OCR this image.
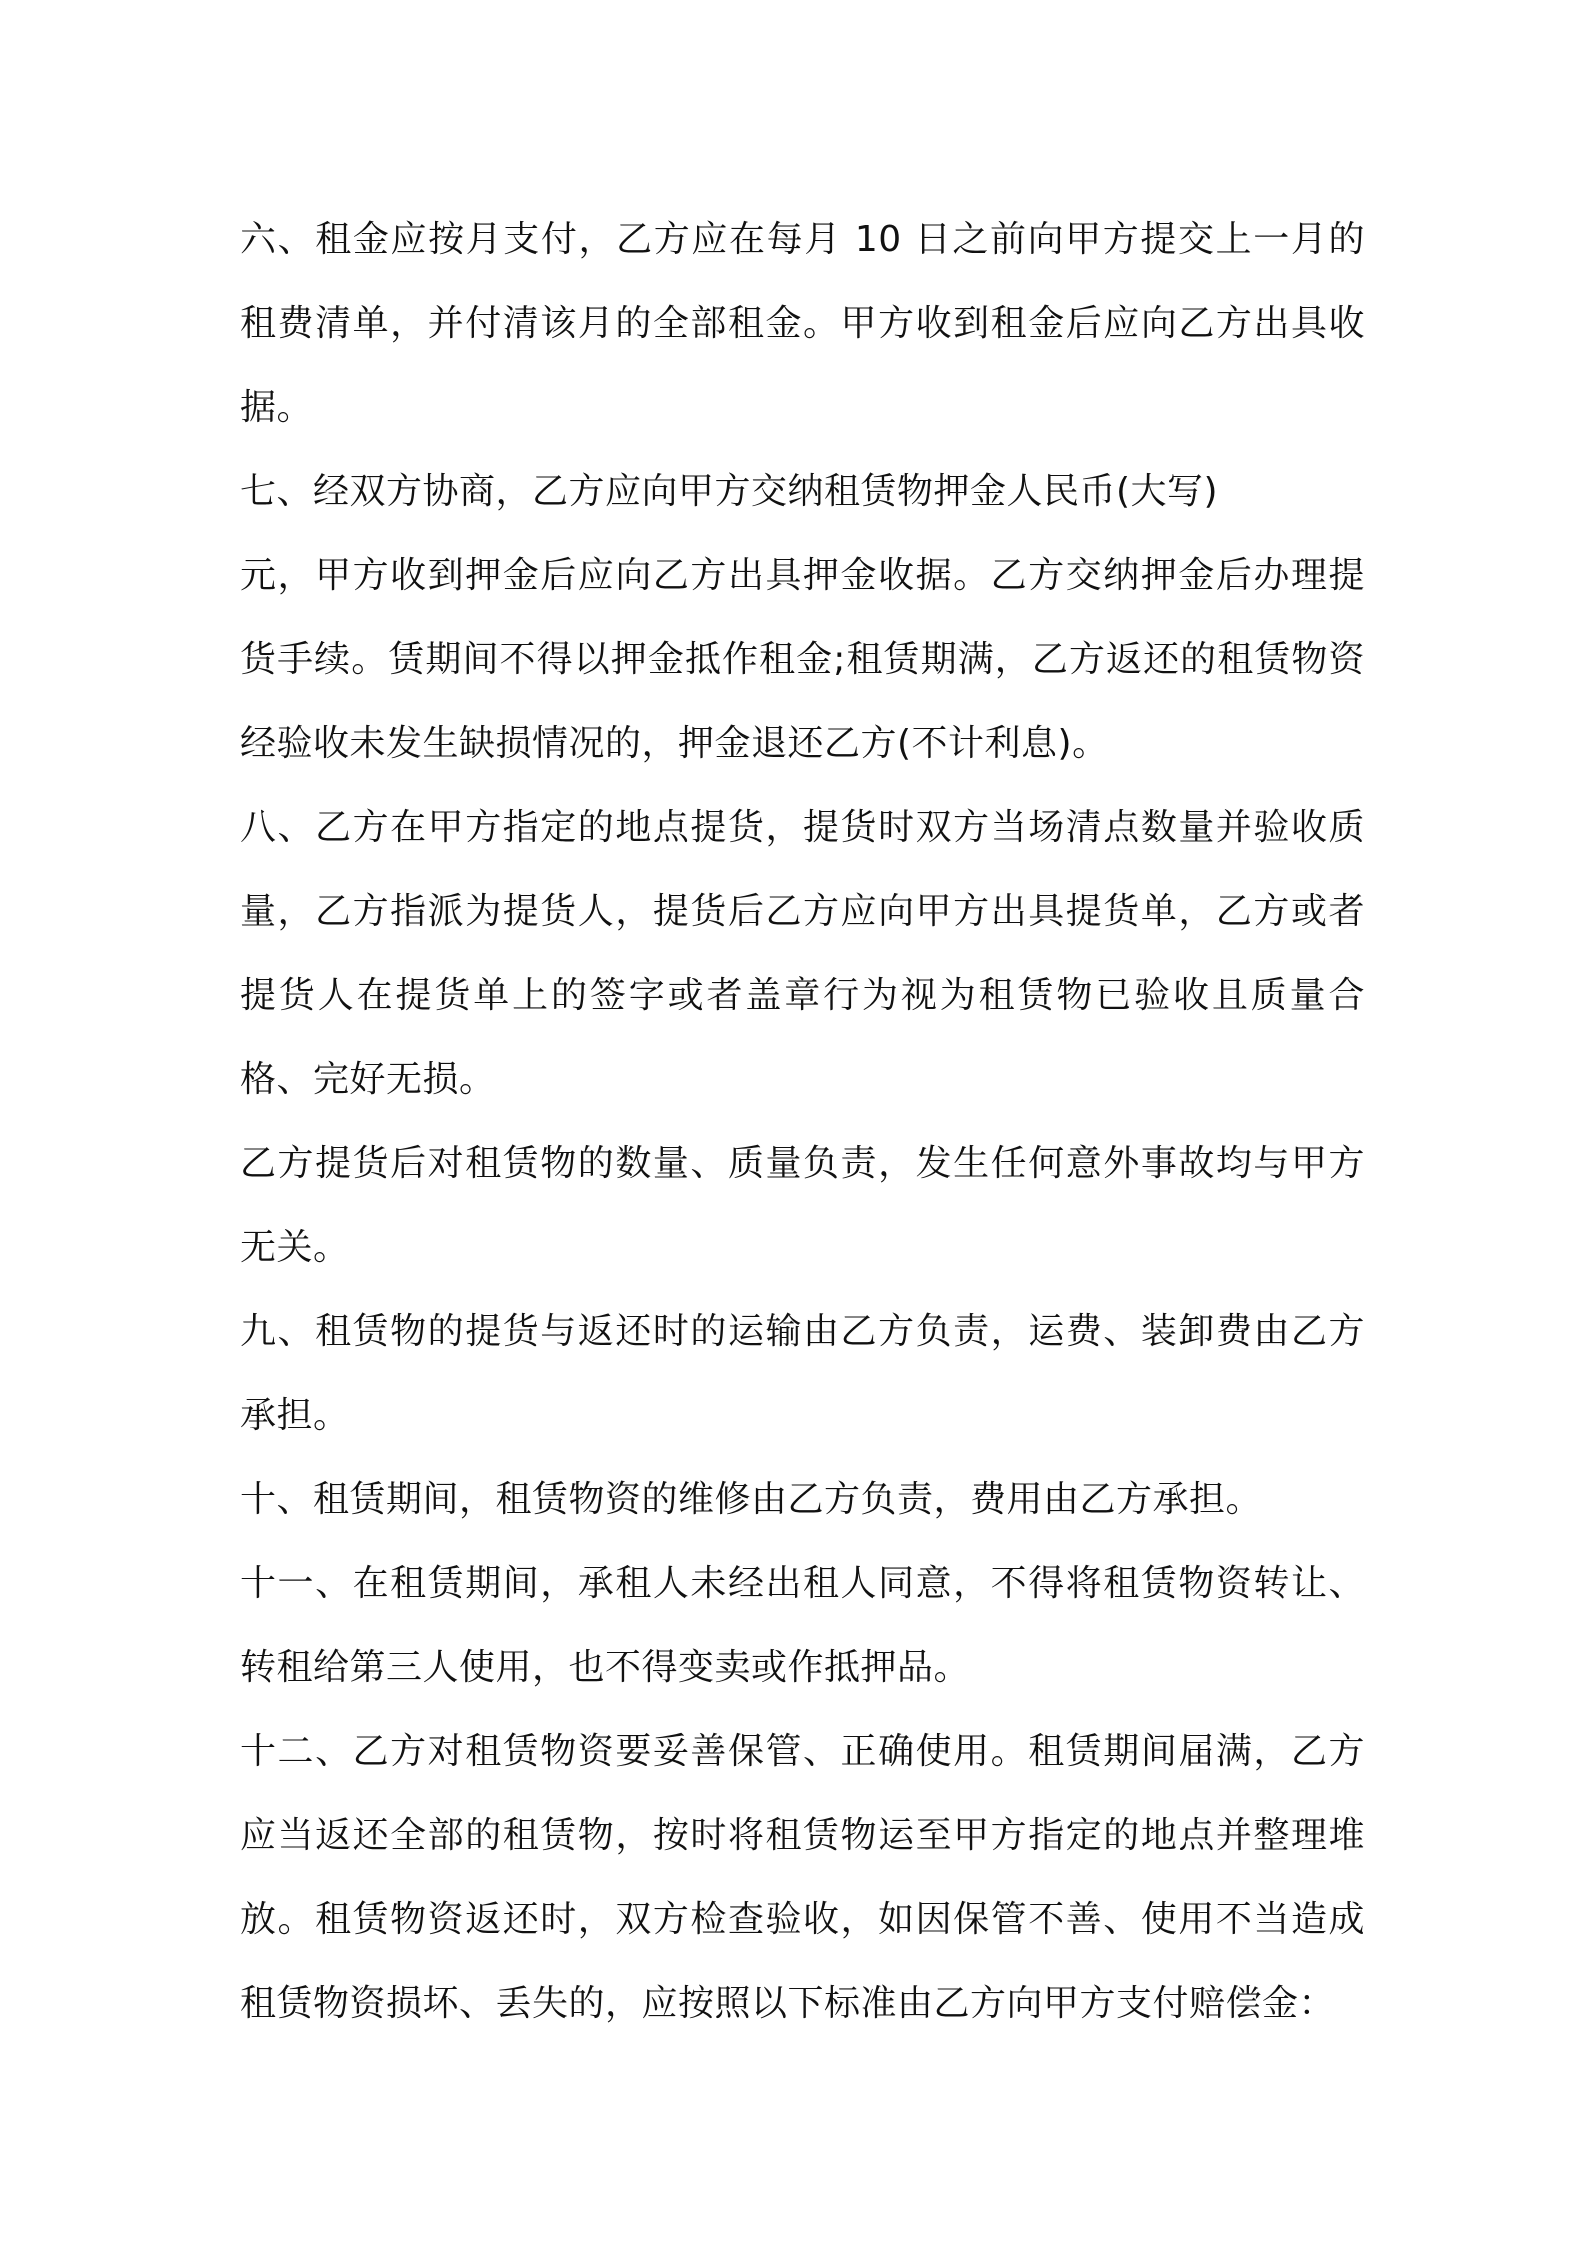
六、租金应按月支付，乙方应在每月 10 日之前向甲方提交上一月的租费清单，并付清该月的全部租金。甲方收到租金后应向乙方出具收据。

七、经双方协商，乙方应向甲方交纳租赁物押金人民币(大写)

元，甲方收到押金后应向乙方出具押金收据。乙方交纳押金后办理提货手续。赁期间不得以押金抵作租金;租赁期满，乙方返还的租赁物资经验收未发生缺损情况的，押金退还乙方(不计利息)。

八、乙方在甲方指定的地点提货，提货时双方当场清点数量并验收质量，乙方指派为提货人，提货后乙方应向甲方出具提货单，乙方或者提货人在提货单上的签字或者盖章行为视为租赁物已验收且质量合格、完好无损。

乙方提货后对租赁物的数量、质量负责，发生任何意外事故均与甲方无关。

九、租赁物的提货与返还时的运输由乙方负责，运费、装卸费由乙方承担。

十、租赁期间，租赁物资的维修由乙方负责，费用由乙方承担。

十一、在租赁期间，承租人未经出租人同意，不得将租赁物资转让、转租给第三人使用，也不得变卖或作抵押品。

十二、乙方对租赁物资要妥善保管、正确使用。租赁期间届满，乙方应当返还全部的租赁物，按时将租赁物运至甲方指定的地点并整理堆放。租赁物资返还时，双方检查验收，如因保管不善、使用不当造成租赁物资损坏、丢失的，应按照以下标准由乙方向甲方支付赔偿金：
